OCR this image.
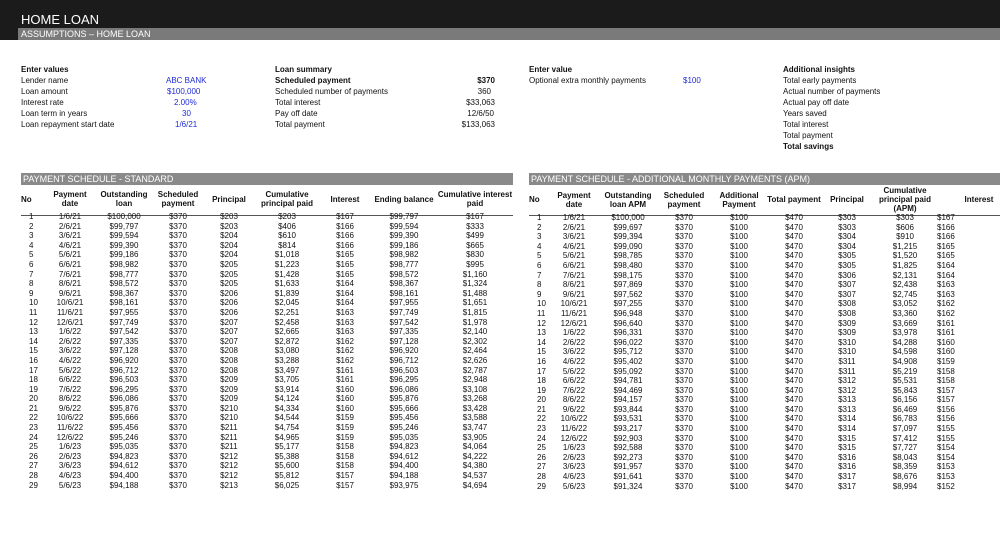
HOME LOAN
ASSUMPTIONS – HOME LOAN
Enter values
Lender name	ABC BANK
Loan amount	$100,000
Interest rate	2.00%
Loan term in years	30
Loan repayment start date	1/6/21
Loan summary
Scheduled payment	$370
Scheduled number of payments	360
Total interest	$33,063
Pay off date	12/6/50
Total payment	$133,063
Enter value
Optional extra monthly payments	$100
Additional insights
Total early payments
Actual number of payments
Actual pay off date
Years saved
Total interest
Total payment
Total savings
PAYMENT SCHEDULE - STANDARD
No	Payment date	Outstanding loan	Scheduled payment	Principal	Cumulative principal paid	Interest	Ending balance	Cumulative interest paid
1	1/6/21	$100,000	$370	$203	$203	$167	$99,797	$167
2	2/6/21	$99,797	$370	$203	$406	$166	$99,594	$333
3	3/6/21	$99,594	$370	$204	$610	$166	$99,390	$499
4	4/6/21	$99,390	$370	$204	$814	$166	$99,186	$665
5	5/6/21	$99,186	$370	$204	$1,018	$165	$98,982	$830
6	6/6/21	$98,982	$370	$205	$1,223	$165	$98,777	$995
7	7/6/21	$98,777	$370	$205	$1,428	$165	$98,572	$1,160
8	8/6/21	$98,572	$370	$205	$1,633	$164	$98,367	$1,324
9	9/6/21	$98,367	$370	$206	$1,839	$164	$98,161	$1,488
10	10/6/21	$98,161	$370	$206	$2,045	$164	$97,955	$1,651
11	11/6/21	$97,955	$370	$206	$2,251	$163	$97,749	$1,815
12	12/6/21	$97,749	$370	$207	$2,458	$163	$97,542	$1,978
13	1/6/22	$97,542	$370	$207	$2,665	$163	$97,335	$2,140
14	2/6/22	$97,335	$370	$207	$2,872	$162	$97,128	$2,302
15	3/6/22	$97,128	$370	$208	$3,080	$162	$96,920	$2,464
16	4/6/22	$96,920	$370	$208	$3,288	$162	$96,712	$2,626
17	5/6/22	$96,712	$370	$208	$3,497	$161	$96,503	$2,787
18	6/6/22	$96,503	$370	$209	$3,705	$161	$96,295	$2,948
19	7/6/22	$96,295	$370	$209	$3,914	$160	$96,086	$3,108
20	8/6/22	$96,086	$370	$209	$4,124	$160	$95,876	$3,268
21	9/6/22	$95,876	$370	$210	$4,334	$160	$95,666	$3,428
22	10/6/22	$95,666	$370	$210	$4,544	$159	$95,456	$3,588
23	11/6/22	$95,456	$370	$211	$4,754	$159	$95,246	$3,747
24	12/6/22	$95,246	$370	$211	$4,965	$159	$95,035	$3,905
25	1/6/23	$95,035	$370	$211	$5,177	$158	$94,823	$4,064
26	2/6/23	$94,823	$370	$212	$5,388	$158	$94,612	$4,222
27	3/6/23	$94,612	$370	$212	$5,600	$158	$94,400	$4,380
28	4/6/23	$94,400	$370	$212	$5,812	$157	$94,188	$4,537
29	5/6/23	$94,188	$370	$213	$6,025	$157	$93,975	$4,694
PAYMENT SCHEDULE - ADDITIONAL MONTHLY PAYMENTS (APM)
No	Payment date	Outstanding loan APM	Scheduled payment	Additional Payment	Total payment	Principal	Cumulative principal paid (APM)	Interest
1	1/6/21	$100,000	$370	$100	$470	$303	$303	$167
2	2/6/21	$99,697	$370	$100	$470	$303	$606	$166
3	3/6/21	$99,394	$370	$100	$470	$304	$910	$166
4	4/6/21	$99,090	$370	$100	$470	$304	$1,215	$165
5	5/6/21	$98,785	$370	$100	$470	$305	$1,520	$165
6	6/6/21	$98,480	$370	$100	$470	$305	$1,825	$164
7	7/6/21	$98,175	$370	$100	$470	$306	$2,131	$164
8	8/6/21	$97,869	$370	$100	$470	$307	$2,438	$163
9	9/6/21	$97,562	$370	$100	$470	$307	$2,745	$163
10	10/6/21	$97,255	$370	$100	$470	$308	$3,052	$162
11	11/6/21	$96,948	$370	$100	$470	$308	$3,360	$162
12	12/6/21	$96,640	$370	$100	$470	$309	$3,669	$161
13	1/6/22	$96,331	$370	$100	$470	$309	$3,978	$161
14	2/6/22	$96,022	$370	$100	$470	$310	$4,288	$160
15	3/6/22	$95,712	$370	$100	$470	$310	$4,598	$160
16	4/6/22	$95,402	$370	$100	$470	$311	$4,908	$159
17	5/6/22	$95,092	$370	$100	$470	$311	$5,219	$158
18	6/6/22	$94,781	$370	$100	$470	$312	$5,531	$158
19	7/6/22	$94,469	$370	$100	$470	$312	$5,843	$157
20	8/6/22	$94,157	$370	$100	$470	$313	$6,156	$157
21	9/6/22	$93,844	$370	$100	$470	$313	$6,469	$156
22	10/6/22	$93,531	$370	$100	$470	$314	$6,783	$156
23	11/6/22	$93,217	$370	$100	$470	$314	$7,097	$155
24	12/6/22	$92,903	$370	$100	$470	$315	$7,412	$155
25	1/6/23	$92,588	$370	$100	$470	$315	$7,727	$154
26	2/6/23	$92,273	$370	$100	$470	$316	$8,043	$154
27	3/6/23	$91,957	$370	$100	$470	$316	$8,359	$153
28	4/6/23	$91,641	$370	$100	$470	$317	$8,676	$153
29	5/6/23	$91,324	$370	$100	$470	$317	$8,994	$152
